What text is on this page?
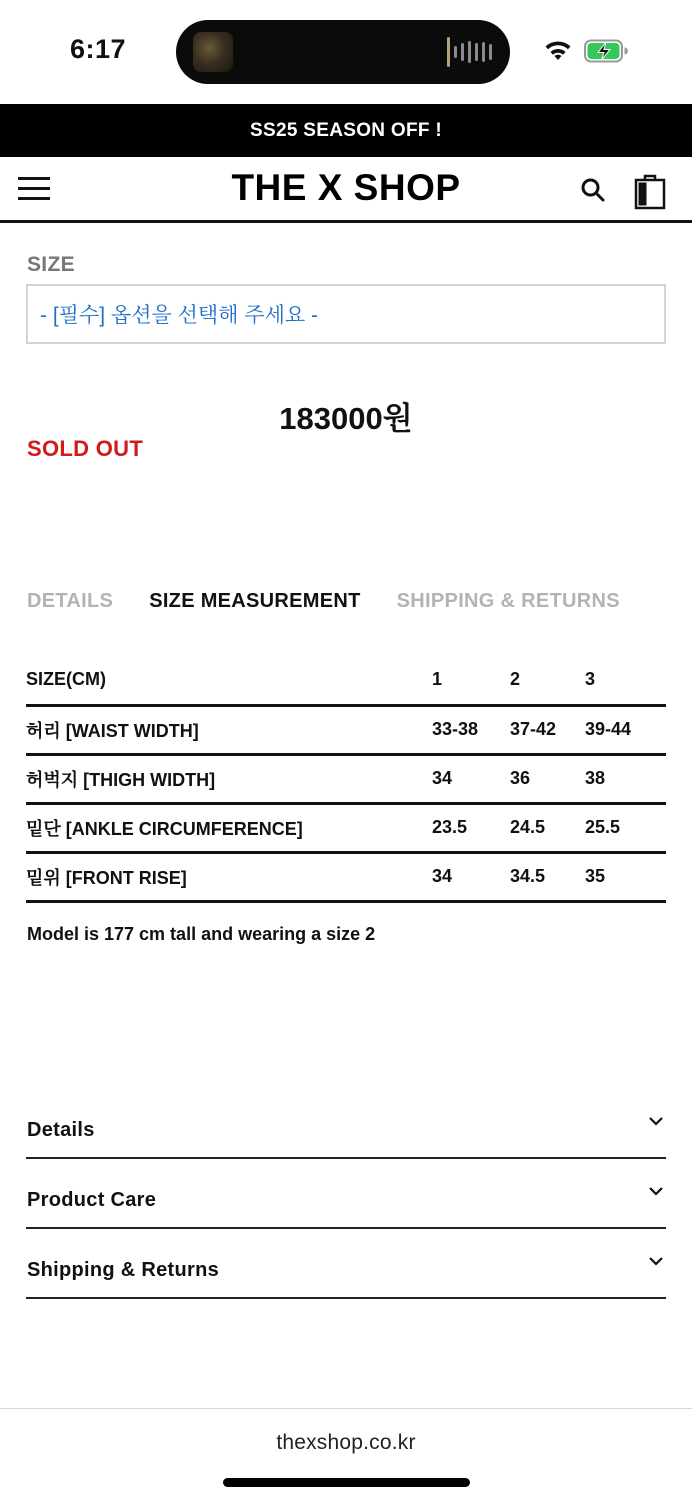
6:17
SS25 SEASON OFF !
THE X SHOP
SIZE
- [필수] 옵션을 선택해 주세요 -
183000원
SOLD OUT
DETAILS SIZE MEASUREMENT SHIPPING & RETURNS
SIZE(CM)	1	2	3
허리 [WAIST WIDTH]	33-38	37-42	39-44
허벅지 [THIGH WIDTH]	34	36	38
밑단 [ANKLE CIRCUMFERENCE]	23.5	24.5	25.5
밑위 [FRONT RISE]	34	34.5	35
Model is 177 cm tall and wearing a size 2
Details
Product Care
Shipping & Returns
thexshop.co.kr
